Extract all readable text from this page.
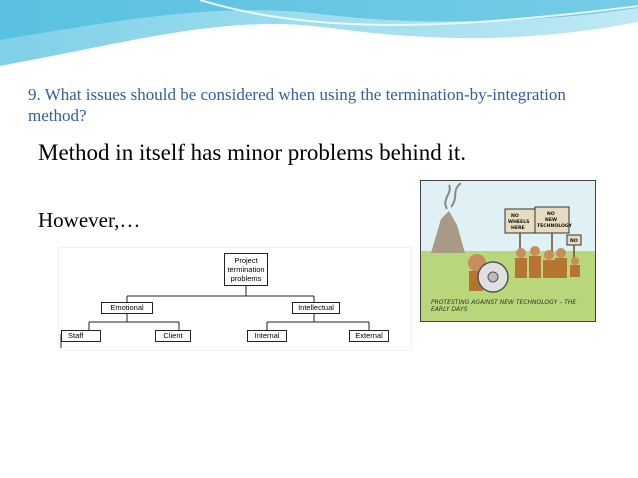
9. What issues should be considered when using the termination-by-integration method?
Method in itself has minor problems behind it.
However,…
Project termination problems
Emotional	Intellectual
Staff	Client	Internal	External
NO
WHEELS
HERE
NO
NEW
TECHNOLOGY
NO
PROTESTING AGAINST NEW TECHNOLOGY – THE EARLY DAYS
